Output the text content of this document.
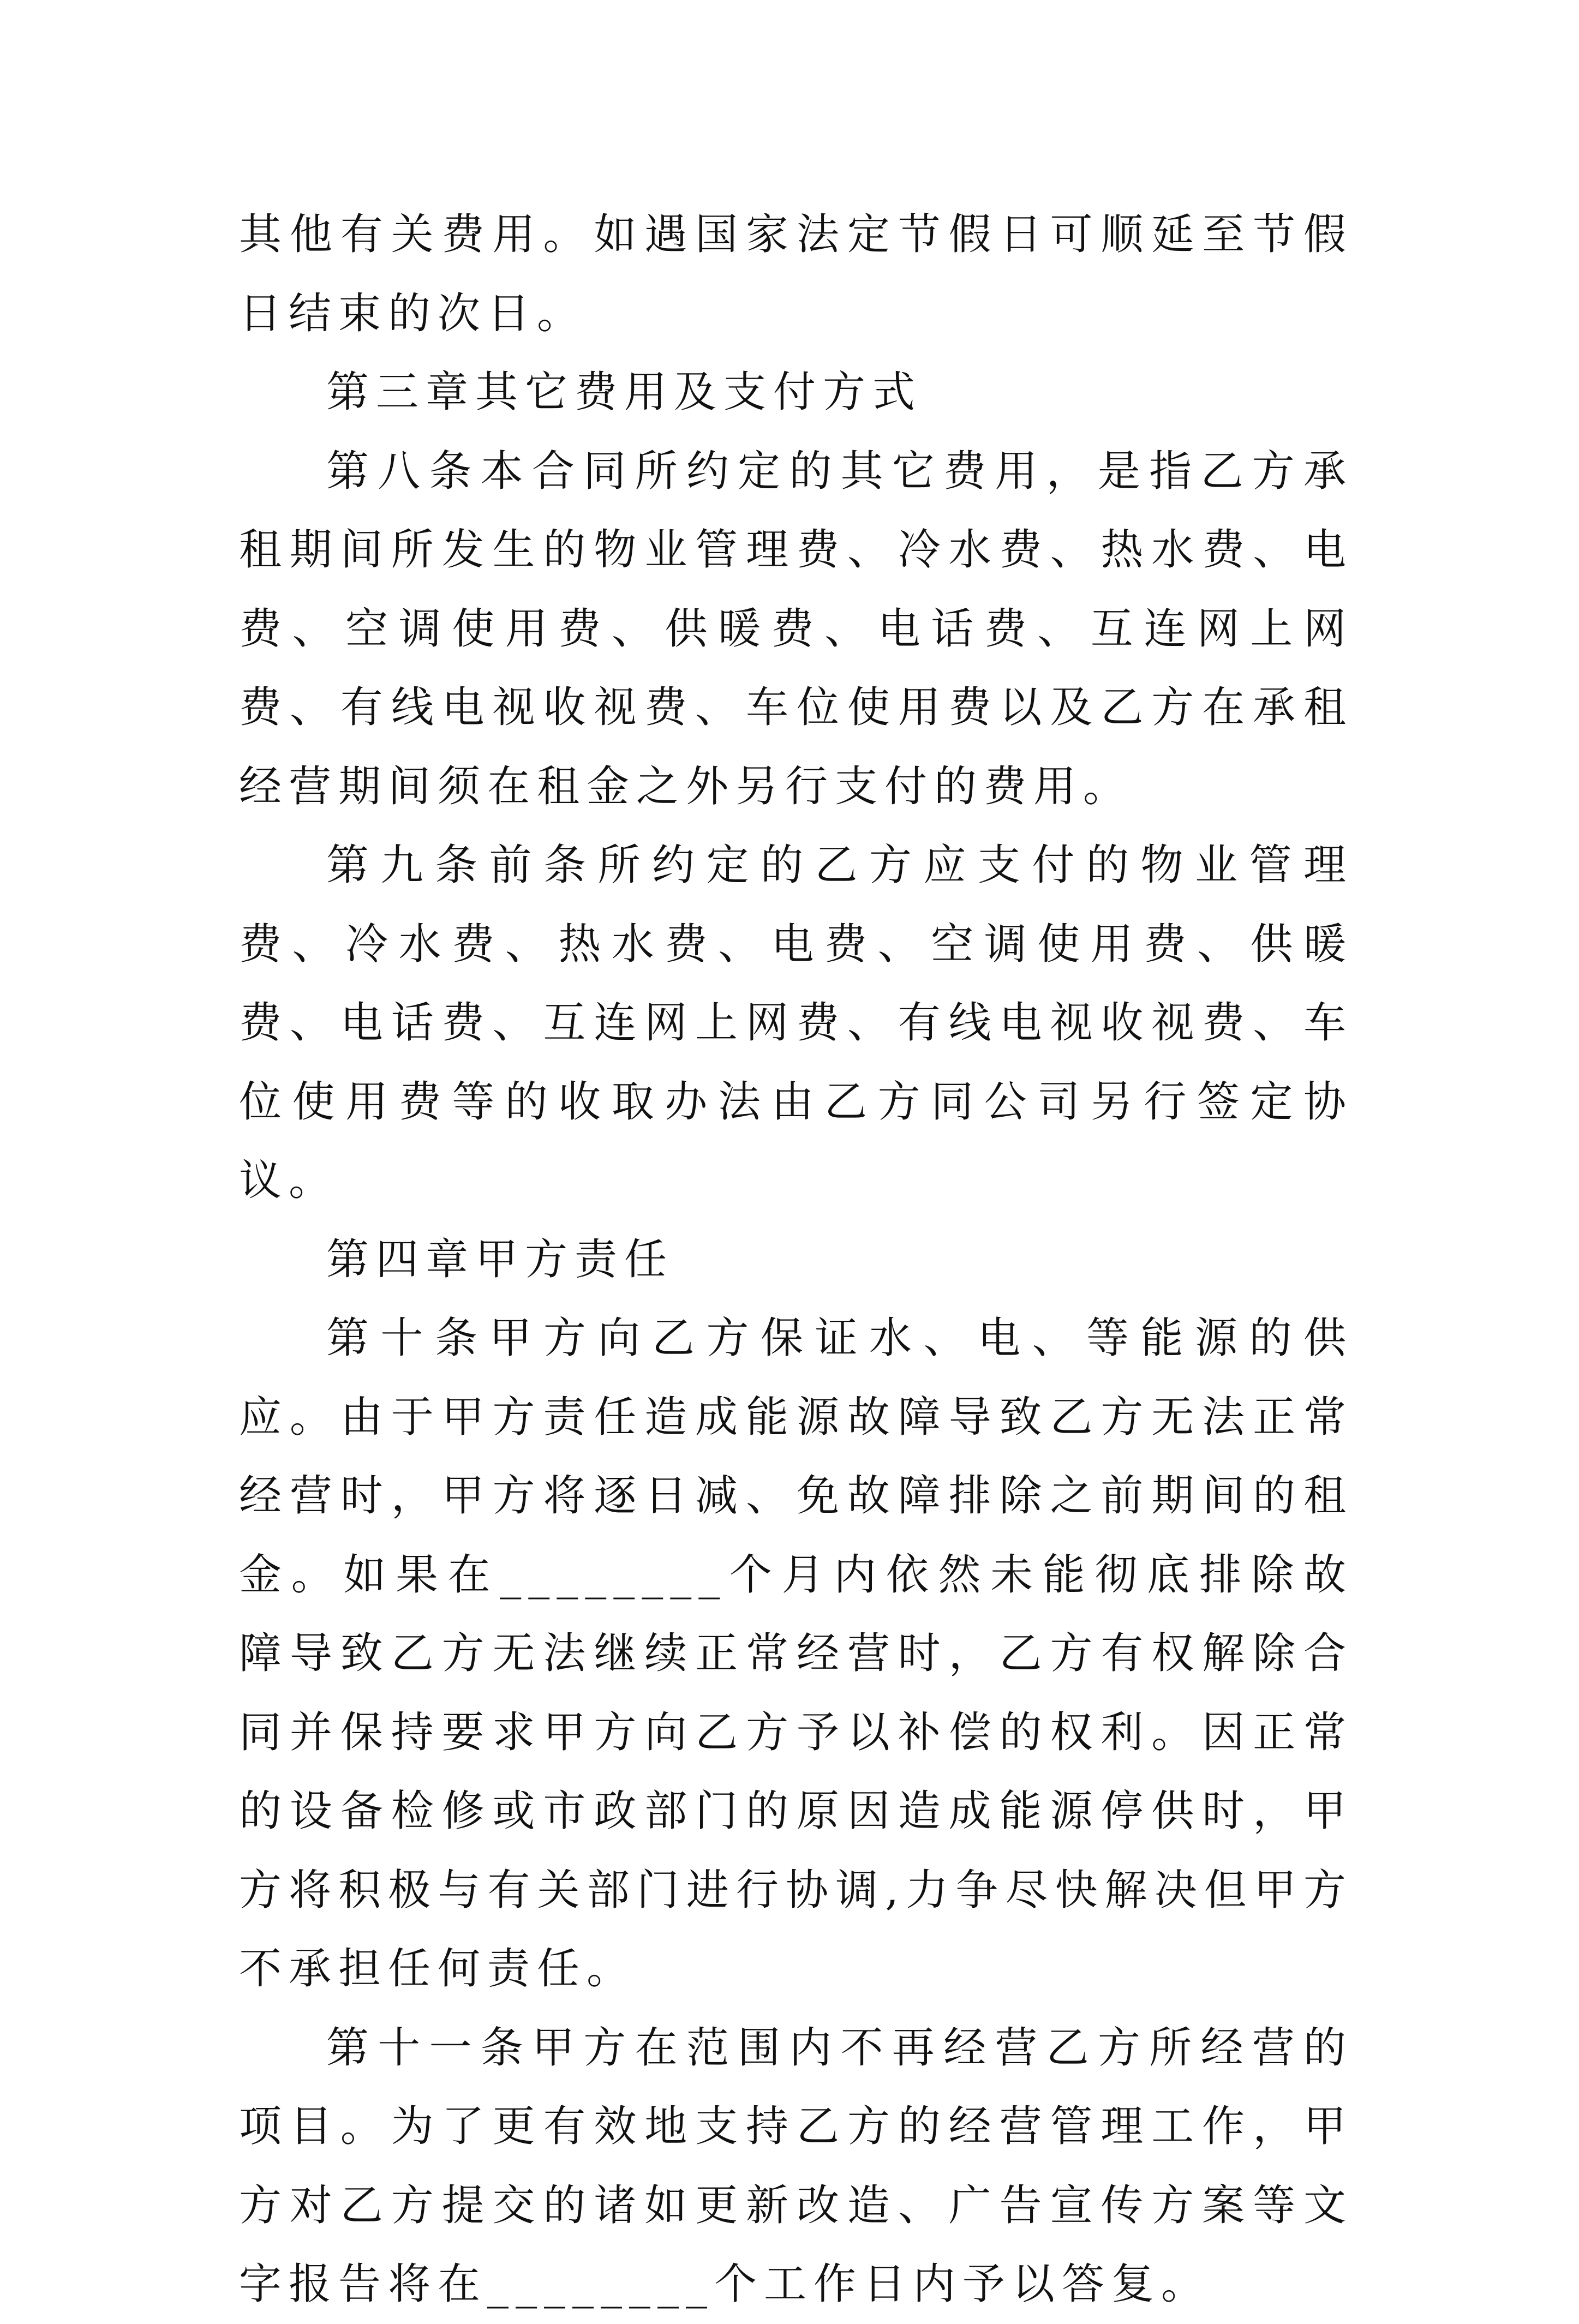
其他有关费用。如遇国家法定节假日可顺延至节假日结束的次日。

第三章其它费用及支付方式

第八条本合同所约定的其它费用，是指乙方承租期间所发生的物业管理费、冷水费、热水费、电费、空调使用费、供暖费、电话费、互连网上网费、有线电视收视费、车位使用费以及乙方在承租经营期间须在租金之外另行支付的费用。

第九条前条所约定的乙方应支付的物业管理费、冷水费、热水费、电费、空调使用费、供暖费、电话费、互连网上网费、有线电视收视费、车位使用费等的收取办法由乙方同公司另行签定协议。

第四章甲方责任

第十条甲方向乙方保证水、电、等能源的供应。由于甲方责任造成能源故障导致乙方无法正常经营时，甲方将逐日减、免故障排除之前期间的租金。如果在________个月内依然未能彻底排除故障导致乙方无法继续正常经营时，乙方有权解除合同并保持要求甲方向乙方予以补偿的权利。因正常的设备检修或市政部门的原因造成能源停供时，甲方将积极与有关部门进行协调,力争尽快解决但甲方不承担任何责任。

第十一条甲方在范围内不再经营乙方所经营的项目。为了更有效地支持乙方的经营管理工作，甲方对乙方提交的诸如更新改造、广告宣传方案等文字报告将在________个工作日内予以答复。
